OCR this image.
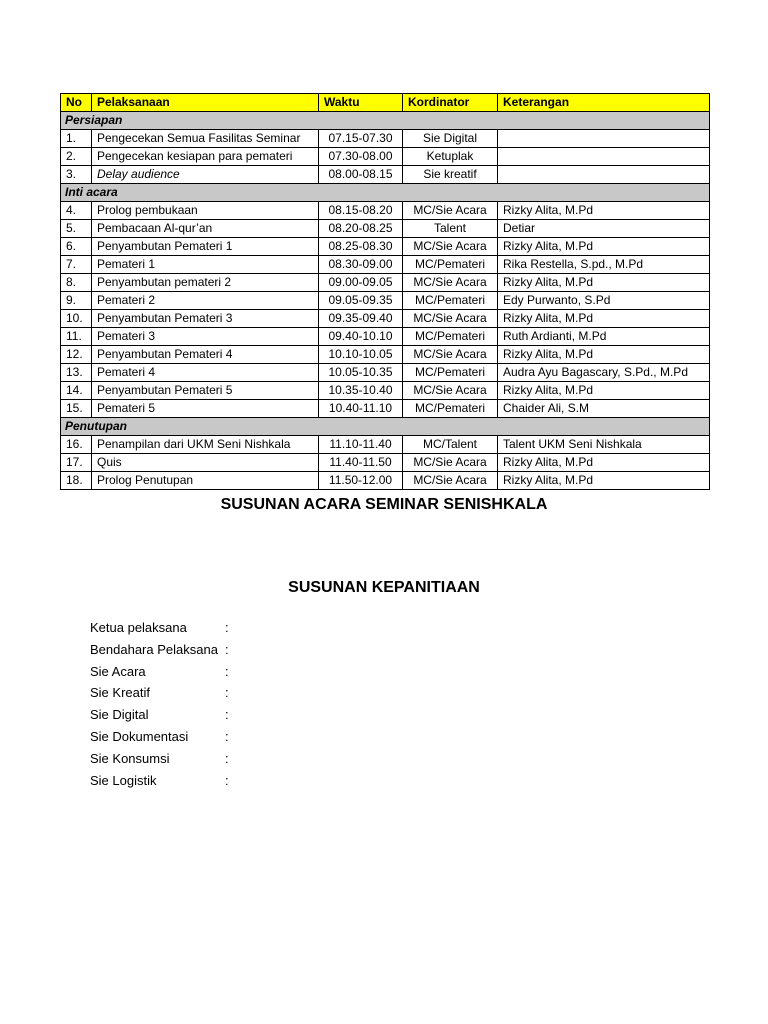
No	Pelaksanaan	Waktu	Kordinator	Keterangan
Persiapan				
1.	Pengecekan Semua Fasilitas Seminar	07.15-07.30	Sie Digital	
2.	Pengecekan kesiapan para pemateri	07.30-08.00	Ketuplak	
3.	Delay audience	08.00-08.15	Sie kreatif	
Inti acara				
4.	Prolog pembukaan	08.15-08.20	MC/Sie Acara	Rizky Alita, M.Pd
5.	Pembacaan Al-qur’an	08.20-08.25	Talent	Detiar
6.	Penyambutan Pemateri 1	08.25-08.30	MC/Sie Acara	Rizky Alita, M.Pd
7.	Pemateri 1	08.30-09.00	MC/Pemateri	Rika Restella, S.pd., M.Pd
8.	Penyambutan pemateri 2	09.00-09.05	MC/Sie Acara	Rizky Alita, M.Pd
9.	Pemateri 2	09.05-09.35	MC/Pemateri	Edy Purwanto, S.Pd
10.	Penyambutan Pemateri 3	09.35-09.40	MC/Sie Acara	Rizky Alita, M.Pd
11.	Pemateri 3	09.40-10.10	MC/Pemateri	Ruth Ardianti, M.Pd
12.	Penyambutan Pemateri 4	10.10-10.05	MC/Sie Acara	Rizky Alita, M.Pd
13.	Pemateri 4	10.05-10.35	MC/Pemateri	Audra Ayu Bagascary, S.Pd., M.Pd
14.	Penyambutan Pemateri 5	10.35-10.40	MC/Sie Acara	Rizky Alita, M.Pd
15.	Pemateri 5	10.40-11.10	MC/Pemateri	Chaider Ali, S.M
Penutupan				
16.	Penampilan dari UKM Seni Nishkala	11.10-11.40	MC/Talent	Talent UKM Seni Nishkala
17.	Quis	11.40-11.50	MC/Sie Acara	Rizky Alita, M.Pd
18.	Prolog Penutupan	11.50-12.00	MC/Sie Acara	Rizky Alita, M.Pd
SUSUNAN ACARA SEMINAR SENISHKALA
SUSUNAN KEPANITIAAN
Ketua pelaksana	:
Bendahara Pelaksana :
Sie Acara	:
Sie Kreatif	:
Sie Digital	:
Sie Dokumentasi	:
Sie Konsumsi	:
Sie Logistik	:
